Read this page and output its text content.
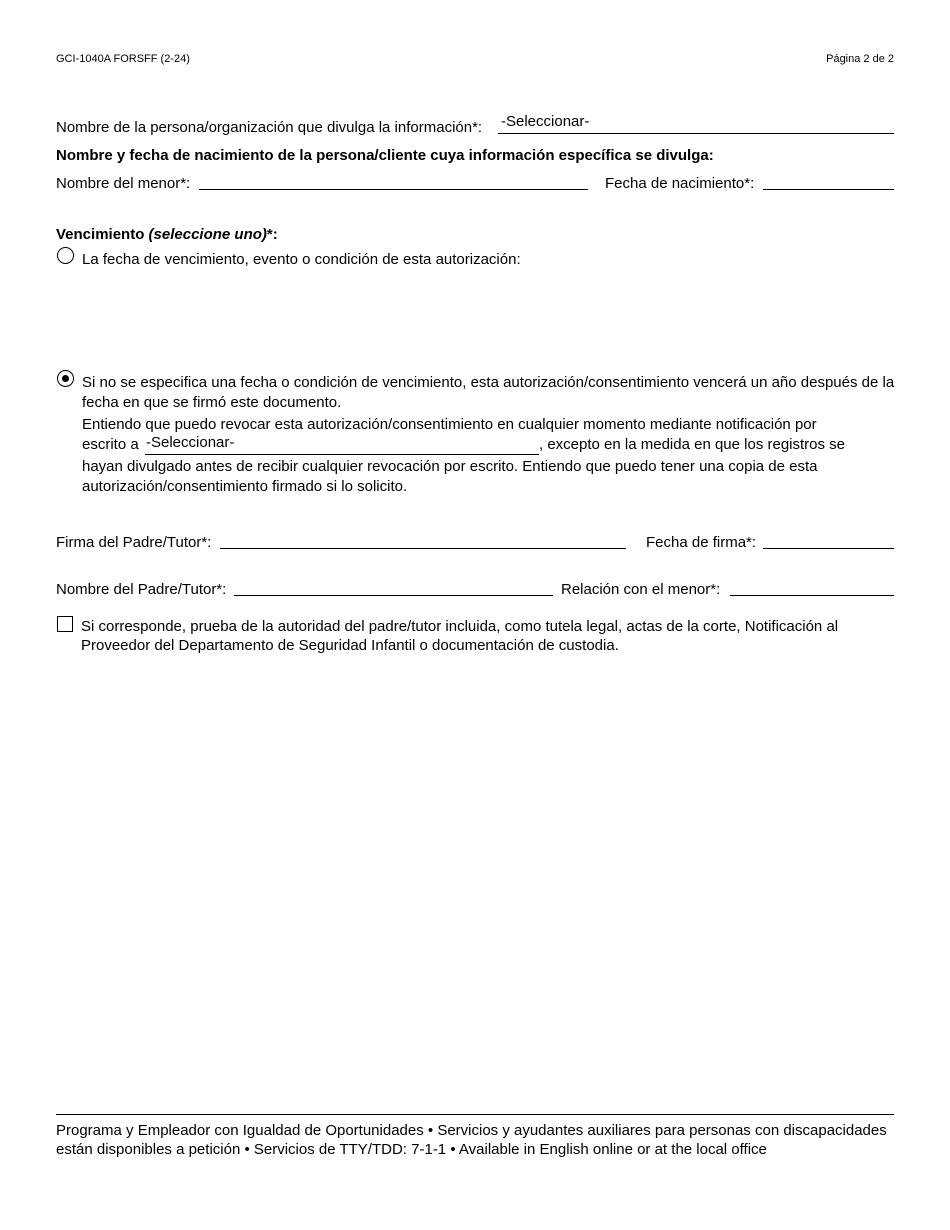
GCI-1040A FORSFF (2-24)	Página 2 de 2
Nombre de la persona/organización que divulga la información*: -Seleccionar-
Nombre y fecha de nacimiento de la persona/cliente cuya información específica se divulga:
Nombre del menor*:	Fecha de nacimiento*:
Vencimiento (seleccione uno)*:
La fecha de vencimiento, evento o condición de esta autorización:
Si no se especifica una fecha o condición de vencimiento, esta autorización/consentimiento vencerá un año después de la fecha en que se firmó este documento.
Entiendo que puedo revocar esta autorización/consentimiento en cualquier momento mediante notificación por
escrito a -Seleccionar-	, excepto en la medida en que los registros se
hayan divulgado antes de recibir cualquier revocación por escrito. Entiendo que puedo tener una copia de esta
autorización/consentimiento firmado si lo solicito.
Firma del Padre/Tutor*:	Fecha de firma*:
Nombre del Padre/Tutor*:	Relación con el menor*:
Si corresponde, prueba de la autoridad del padre/tutor incluida, como tutela legal, actas de la corte, Notificación al
Proveedor del Departamento de Seguridad Infantil o documentación de custodia.
Programa y Empleador con Igualdad de Oportunidades • Servicios y ayudantes auxiliares para personas con discapacidades están disponibles a petición • Servicios de TTY/TDD: 7-1-1 • Available in English online or at the local office
